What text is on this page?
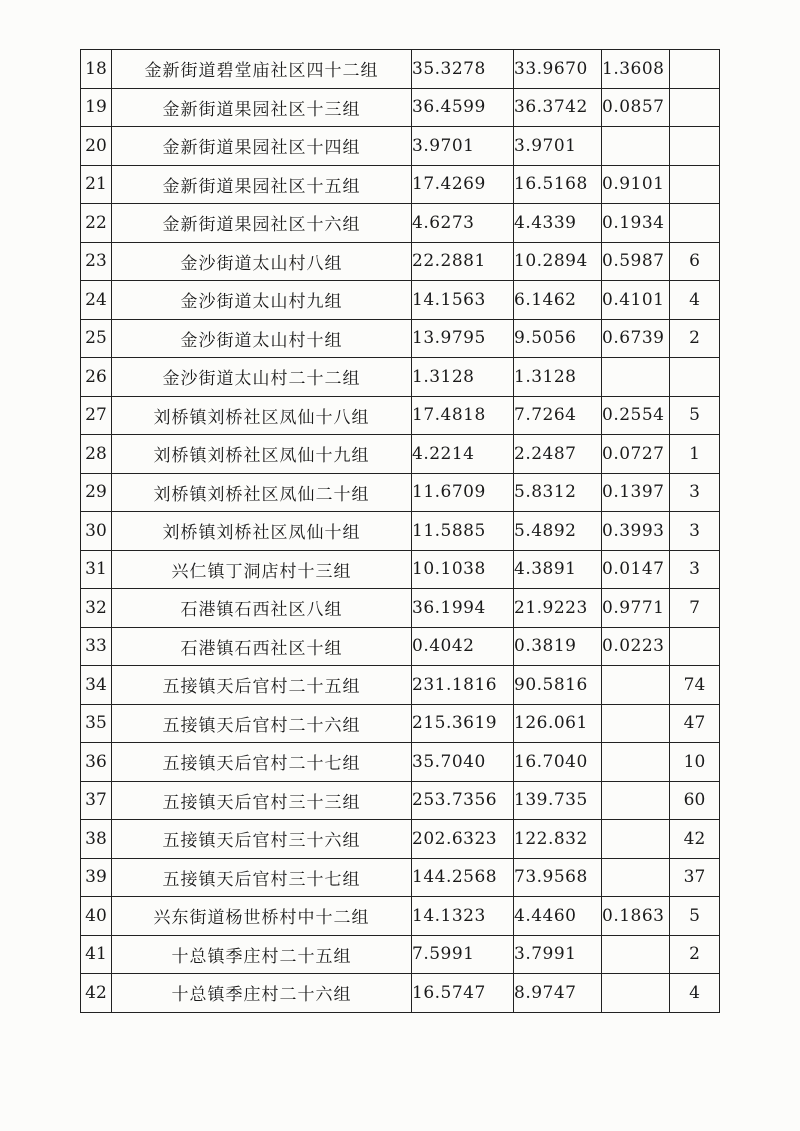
18	金新街道碧堂庙社区四十二组	35.3278	33.9670	1.3608	
19	金新街道果园社区十三组	36.4599	36.3742	0.0857	
20	金新街道果园社区十四组	3.9701	3.9701		
21	金新街道果园社区十五组	17.4269	16.5168	0.9101	
22	金新街道果园社区十六组	4.6273	4.4339	0.1934	
23	金沙街道太山村八组	22.2881	10.2894	0.5987	6
24	金沙街道太山村九组	14.1563	6.1462	0.4101	4
25	金沙街道太山村十组	13.9795	9.5056	0.6739	2
26	金沙街道太山村二十二组	1.3128	1.3128		
27	刘桥镇刘桥社区凤仙十八组	17.4818	7.7264	0.2554	5
28	刘桥镇刘桥社区凤仙十九组	4.2214	2.2487	0.0727	1
29	刘桥镇刘桥社区凤仙二十组	11.6709	5.8312	0.1397	3
30	刘桥镇刘桥社区凤仙十组	11.5885	5.4892	0.3993	3
31	兴仁镇丁洞店村十三组	10.1038	4.3891	0.0147	3
32	石港镇石西社区八组	36.1994	21.9223	0.9771	7
33	石港镇石西社区十组	0.4042	0.3819	0.0223	
34	五接镇天后官村二十五组	231.1816	90.5816		74
35	五接镇天后官村二十六组	215.3619	126.061		47
36	五接镇天后官村二十七组	35.7040	16.7040		10
37	五接镇天后官村三十三组	253.7356	139.735		60
38	五接镇天后官村三十六组	202.6323	122.832		42
39	五接镇天后官村三十七组	144.2568	73.9568		37
40	兴东街道杨世桥村中十二组	14.1323	4.4460	0.1863	5
41	十总镇季庄村二十五组	7.5991	3.7991		2
42	十总镇季庄村二十六组	16.5747	8.9747		4
